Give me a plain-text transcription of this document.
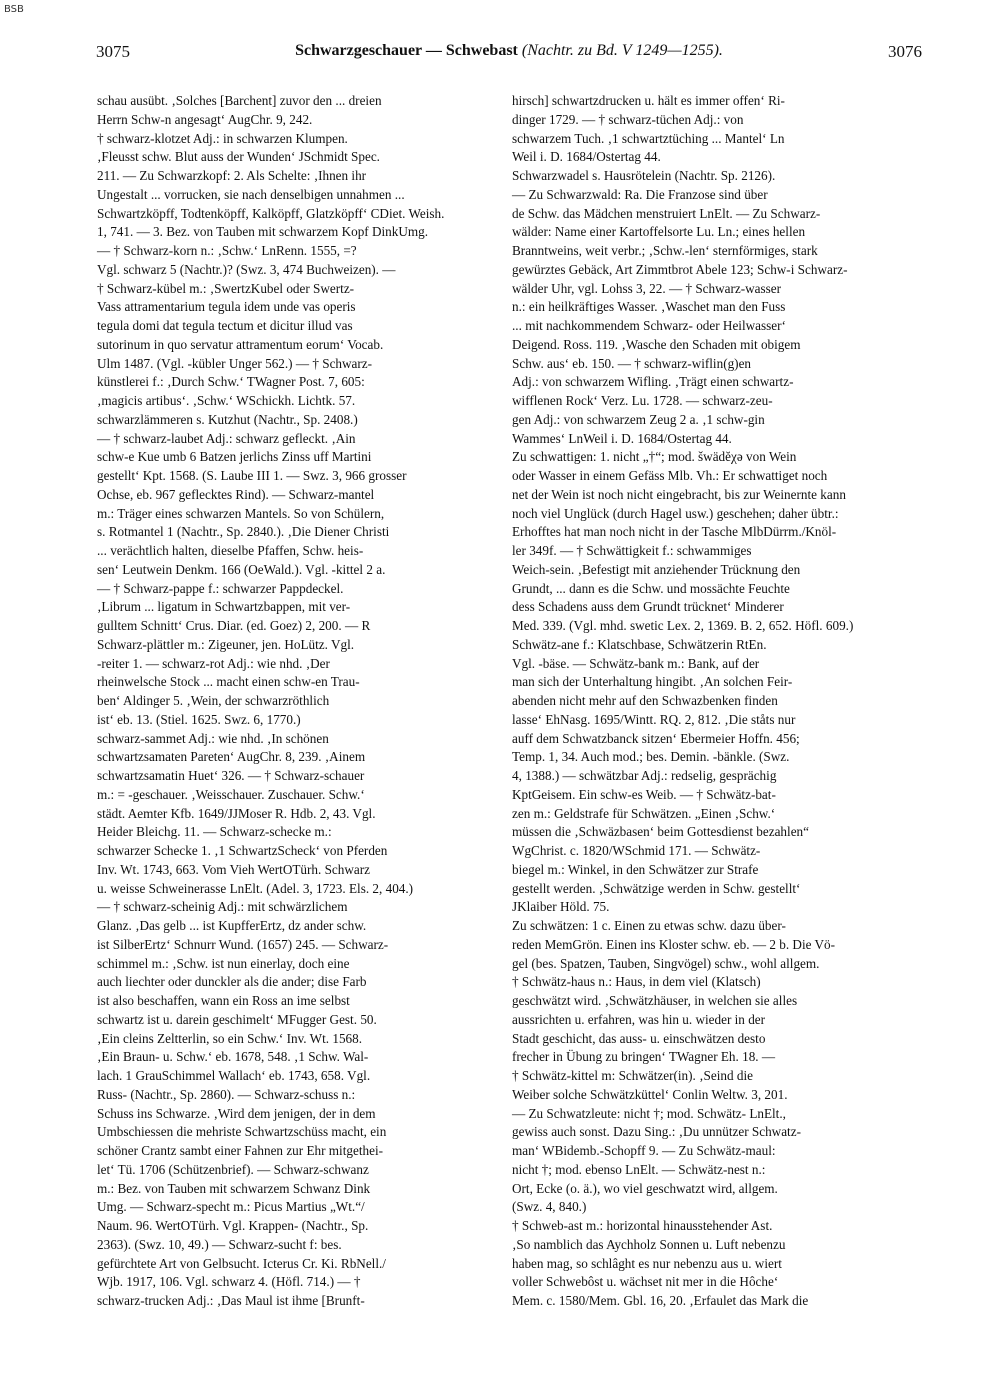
BSB
3075	Schwarzgeschauer — Schwebast (Nachtr. zu Bd. V 1249—1255).	3076

schau ausübt. ‚Solches [Barchent] zuvor den ... dreien

Herrn Schw-n angesagt‘ AugChr. 9, 242.

† schwarz-klotzet Adj.: in schwarzen Klumpen.

‚Fleusst schw. Blut auss der Wunden‘ JSchmidt Spec.

211. — Zu Schwarzkopf: 2. Als Schelte: ‚Ihnen ihr

Ungestalt ... vorrucken, sie nach denselbigen unnahmen ...

Schwartzköpff, Todtenköpff, Kalköpff, Glatzköpff‘ CDiet. Weish.

1, 741. — 3. Bez. von Tauben mit schwarzem Kopf DinkUmg.

— † Schwarz-korn n.: ‚Schw.‘ LnRenn. 1555, =?

Vgl. schwarz 5 (Nachtr.)? (Swz. 3, 474 Buchweizen). —

† Schwarz-kübel m.: ‚SwertzKubel oder Swertz-

Vass attramentarium tegula idem unde vas operis

tegula domi dat tegula tectum et dicitur illud vas

sutorinum in quo servatur attramentum eorum‘ Vocab.

Ulm 1487. (Vgl. -kübler Unger 562.) — † Schwarz-

künstlerei f.: ‚Durch Schw.‘ TWagner Post. 7, 605:

‚magicis artibus‘. ‚Schw.‘ WSchickh. Lichtk. 57.

schwarzlämmeren s. Kutzhut (Nachtr., Sp. 2408.)

— † schwarz-laubet Adj.: schwarz gefleckt. ‚Ain

schw-e Kue umb 6 Batzen jerlichs Zinss uff Martini

gestellt‘ Kpt. 1568. (S. Laube III 1. — Swz. 3, 966 grosser

Ochse, eb. 967 geflecktes Rind). — Schwarz-mantel

m.: Träger eines schwarzen Mantels. So von Schülern,

s. Rotmantel 1 (Nachtr., Sp. 2840.). ‚Die Diener Christi

... verächtlich halten, dieselbe Pfaffen, Schw. heis-

sen‘ Leutwein Denkm. 166 (OeWald.). Vgl. -kittel 2 a.

— † Schwarz-pappe f.: schwarzer Pappdeckel.

‚Librum ... ligatum in Schwartzbappen, mit ver-

gulltem Schnitt‘ Crus. Diar. (ed. Goez) 2, 200. — R

Schwarz-plättler m.: Zigeuner, jen. HoLütz. Vgl.

-reiter 1. — schwarz-rot Adj.: wie nhd. ‚Der

rheinwelsche Stock ... macht einen schw-en Trau-

ben‘ Aldinger 5. ‚Wein, der schwarzröthlich

ist‘ eb. 13. (Stiel. 1625. Swz. 6, 1770.)

schwarz-sammet Adj.: wie nhd. ‚In schönen

schwartzsamaten Pareten‘ AugChr. 8, 239. ‚Ainem

schwartzsamatin Huet‘ 326. — † Schwarz-schauer

m.: = -geschauer. ‚Weisschauer. Zuschauer. Schw.‘

städt. Aemter Kfb. 1649/JJMoser R. Hdb. 2, 43. Vgl.

Heider Bleichg. 11. — Schwarz-schecke m.:

schwarzer Schecke 1. ‚1 SchwartzScheck‘ von Pferden

Inv. Wt. 1743, 663. Vom Vieh WertOTürh. Schwarz

u. weisse Schweinerasse LnElt. (Adel. 3, 1723. Els. 2, 404.)

— † schwarz-scheinig Adj.: mit schwärzlichem

Glanz. ‚Das gelb ... ist KupfferErtz, dz ander schw.

ist SilberErtz‘ Schnurr Wund. (1657) 245. — Schwarz-

schimmel m.: ‚Schw. ist nun einerlay, doch eine

auch liechter oder dunckler als die ander; dise Farb

ist also beschaffen, wann ein Ross an ime selbst

schwartz ist u. darein geschimelt‘ MFugger Gest. 50.

‚Ein cleins Zeltterlin, so ein Schw.‘ Inv. Wt. 1568.

‚Ein Braun- u. Schw.‘ eb. 1678, 548. ‚1 Schw. Wal-

lach. 1 GrauSchimmel Wallach‘ eb. 1743, 658. Vgl.

Russ- (Nachtr., Sp. 2860). — Schwarz-schuss n.:

Schuss ins Schwarze. ‚Wird dem jenigen, der in dem

Umbschiessen die mehriste Schwartzschüss macht, ein

schöner Crantz sambt einer Fahnen zur Ehr mitgethei-

let‘ Tü. 1706 (Schützenbrief). — Schwarz-schwanz

m.: Bez. von Tauben mit schwarzem Schwanz Dink

Umg. — Schwarz-specht m.: Picus Martius „Wt.“/

Naum. 96. WertOTürh. Vgl. Krappen- (Nachtr., Sp.

2363). (Swz. 10, 49.) — Schwarz-sucht f: bes.

gefürchtete Art von Gelbsucht. Icterus Cr. Ki. RbNell./

Wjb. 1917, 106. Vgl. schwarz 4. (Höfl. 714.) — †

schwarz-trucken Adj.: ‚Das Maul ist ihme [Brunft-

hirsch] schwartzdrucken u. hält es immer offen‘ Ri-

dinger 1729. — † schwarz-tüchen Adj.: von

schwarzem Tuch. ‚1 schwartztüching ... Mantel‘ Ln

Weil i. D. 1684/Ostertag 44.

Schwarzwadel s. Hausrötelein (Nachtr. Sp. 2126).

— Zu Schwarzwald: Ra. Die Franzose sind über

de Schw. das Mädchen menstruiert LnElt. — Zu Schwarz-

wälder: Name einer Kartoffelsorte Lu. Ln.; eines hellen

Branntweins, weit verbr.; ‚Schw.-len‘ sternförmiges, stark

gewürztes Gebäck, Art Zimmtbrot Abele 123; Schw-i Schwarz-

wälder Uhr, vgl. Lohss 3, 22. — † Schwarz-wasser

n.: ein heilkräftiges Wasser. ‚Waschet man den Fuss

... mit nachkommendem Schwarz- oder Heilwasser‘

Deigend. Ross. 119. ‚Wasche den Schaden mit obigem

Schw. aus‘ eb. 150. — † schwarz-wiflin(g)en

Adj.: von schwarzem Wifling. ‚Trägt einen schwartz-

wifflenen Rock‘ Verz. Lu. 1728. — schwarz-zeu-

gen Adj.: von schwarzem Zeug 2 a. ‚1 schw-gin

Wammes‘ LnWeil i. D. 1684/Ostertag 44.

Zu schwattigen: 1. nicht „†“; mod. šwädĕχə von Wein

oder Wasser in einem Gefäss Mlb. Vh.: Er schwattiget noch

net der Wein ist noch nicht eingebracht, bis zur Weinernte kann

noch viel Unglück (durch Hagel usw.) geschehen; daher übtr.:

Erhofftes hat man noch nicht in der Tasche MlbDürrm./Knöl-

ler 349f. — † Schwättigkeit f.: schwammiges

Weich-sein. ‚Befestigt mit anziehender Trücknung den

Grundt, ... dann es die Schw. und mossächte Feuchte

dess Schadens auss dem Grundt trücknet‘ Minderer

Med. 339. (Vgl. mhd. swetic Lex. 2, 1369. B. 2, 652. Höfl. 609.)

Schwätz-ane f.: Klatschbase, Schwätzerin RtEn.

Vgl. -bäse. — Schwätz-bank m.: Bank, auf der

man sich der Unterhaltung hingibt. ‚An solchen Feir-

abenden nicht mehr auf den Schwazbenken finden

lasse‘ EhNasg. 1695/Wintt. RQ. 2, 812. ‚Die ståts nur

auff dem Schwatzbanck sitzen‘ Ebermeier Hoffn. 456;

Temp. 1, 34. Auch mod.; bes. Demin. -bänkle. (Swz.

4, 1388.) — schwätzbar Adj.: redselig, gesprächig

KptGeisem. Ein schw-es Weib. — † Schwätz-bat-

zen m.: Geldstrafe für Schwätzen. „Einen ‚Schw.‘

müssen die ‚Schwäzbasen‘ beim Gottesdienst bezahlen“

WgChrist. c. 1820/WSchmid 171. — Schwätz-

biegel m.: Winkel, in den Schwätzer zur Strafe

gestellt werden. ‚Schwätzige werden in Schw. gestellt‘

JKlaiber Höld. 75.

Zu schwätzen: 1 c. Einen zu etwas schw. dazu über-

reden MemGrön. Einen ins Kloster schw. eb. — 2 b. Die Vö-

gel (bes. Spatzen, Tauben, Singvögel) schw., wohl allgem.

† Schwätz-haus n.: Haus, in dem viel (Klatsch)

geschwätzt wird. ‚Schwätzhäuser, in welchen sie alles

aussrichten u. erfahren, was hin u. wieder in der

Stadt geschicht, das auss- u. einschwätzen desto

frecher in Übung zu bringen‘ TWagner Eh. 18. —

† Schwätz-kittel m: Schwätzer(in). ‚Seind die

Weiber solche Schwätzküttel‘ Conlin Weltw. 3, 201.

— Zu Schwatzleute: nicht †; mod. Schwätz- LnElt.,

gewiss auch sonst. Dazu Sing.: ‚Du unnützer Schwatz-

man‘ WBidemb.-Schopff 9. — Zu Schwätz-maul:

nicht †; mod. ebenso LnElt. — Schwätz-nest n.:

Ort, Ecke (o. ä.), wo viel geschwatzt wird, allgem.

(Swz. 4, 840.)

† Schweb-ast m.: horizontal hinausstehender Ast.

‚So namblich das Aychholz Sonnen u. Luft nebenzu

haben mag, so schlâght es nur nebenzu aus u. wiert

voller Schwebôst u. wächset nit mer in die Hôche‘

Mem. c. 1580/Mem. Gbl. 16, 20. ‚Erfaulet das Mark die
